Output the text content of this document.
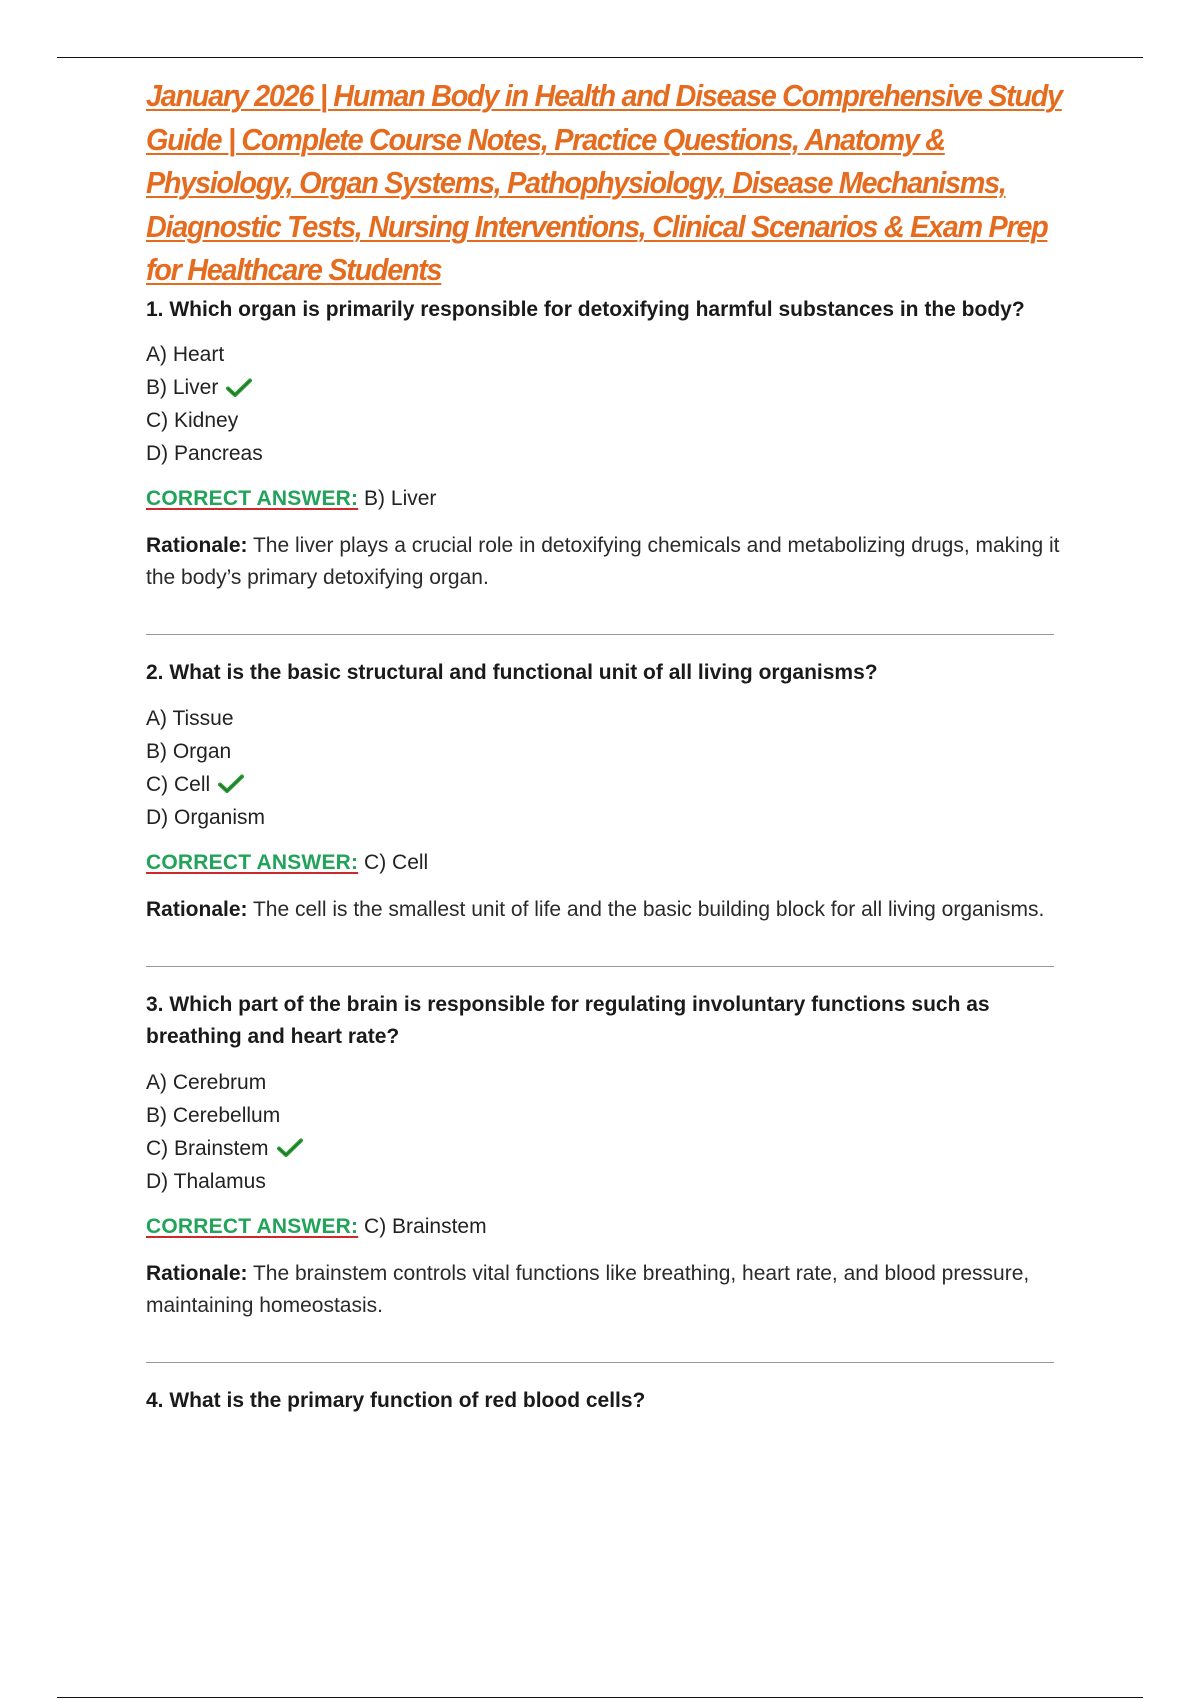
January 2026 | Human Body in Health and Disease Comprehensive Study Guide | Complete Course Notes, Practice Questions, Anatomy & Physiology, Organ Systems, Pathophysiology, Disease Mechanisms, Diagnostic Tests, Nursing Interventions, Clinical Scenarios & Exam Prep for Healthcare Students

1. Which organ is primarily responsible for detoxifying harmful substances in the body?

A) Heart
B) Liver
C) Kidney
D) Pancreas

CORRECT ANSWER: B) Liver

Rationale: The liver plays a crucial role in detoxifying chemicals and metabolizing drugs, making it the body’s primary detoxifying organ.

2. What is the basic structural and functional unit of all living organisms?

A) Tissue
B) Organ
C) Cell
D) Organism

CORRECT ANSWER: C) Cell

Rationale: The cell is the smallest unit of life and the basic building block for all living organisms.

3. Which part of the brain is responsible for regulating involuntary functions such as breathing and heart rate?

A) Cerebrum
B) Cerebellum
C) Brainstem
D) Thalamus

CORRECT ANSWER: C) Brainstem

Rationale: The brainstem controls vital functions like breathing, heart rate, and blood pressure, maintaining homeostasis.

4. What is the primary function of red blood cells?
